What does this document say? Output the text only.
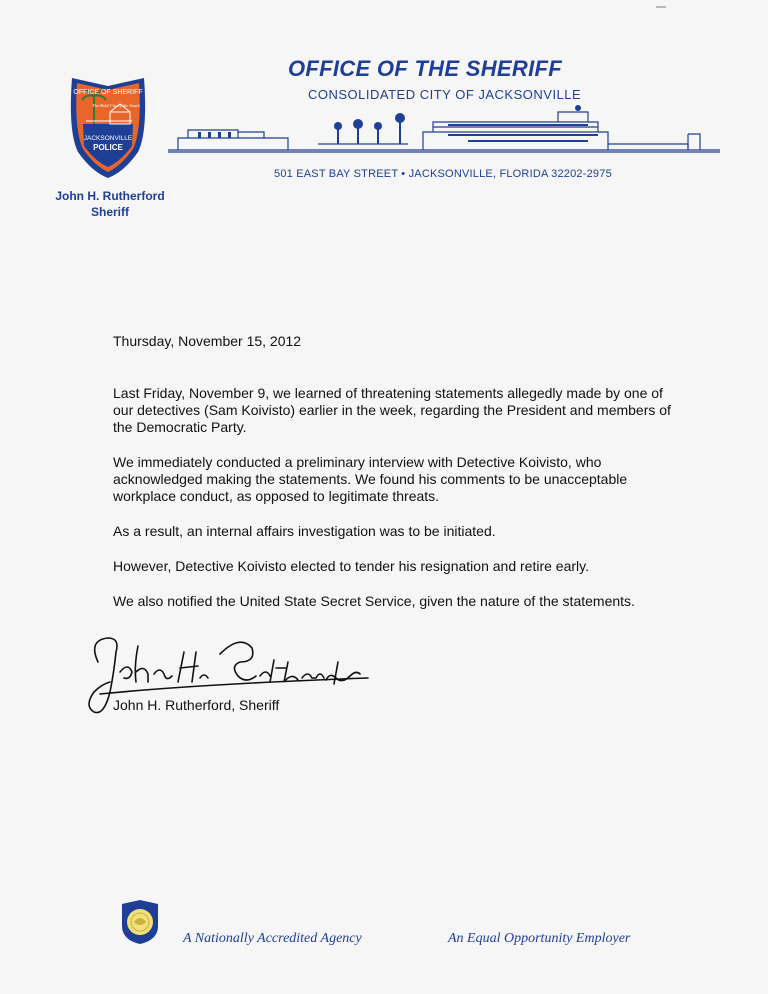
OFFICE OF SHERIFF
The Bold City of the South
JACKSONVILLE
POLICE
John H. Rutherford
Sheriff
OFFICE OF THE SHERIFF
CONSOLIDATED CITY OF JACKSONVILLE
501 EAST BAY STREET • JACKSONVILLE, FLORIDA 32202-2975

Thursday, November 15, 2012

Last Friday, November 9, we learned of threatening statements allegedly made by one of our detectives (Sam Koivisto) earlier in the week, regarding the President and members of the Democratic Party.

We immediately conducted a preliminary interview with Detective Koivisto, who acknowledged making the statements. We found his comments to be unacceptable workplace conduct, as opposed to legitimate threats.

As a result, an internal affairs investigation was to be initiated.

However, Detective Koivisto elected to tender his resignation and retire early.

We also notified the United State Secret Service, given the nature of the statements.

John H. Rutherford, Sheriff
A Nationally Accredited Agency	An Equal Opportunity Employer
